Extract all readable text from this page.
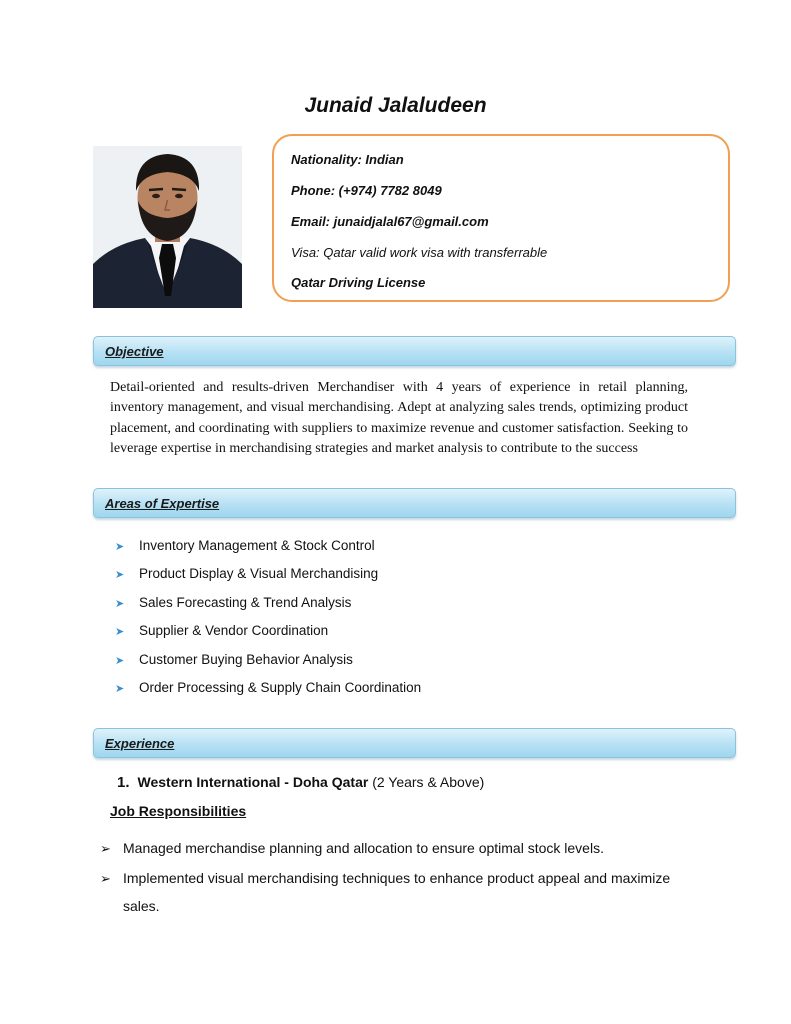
Junaid Jalaludeen
Nationality: Indian
Phone: (+974) 7782 8049
Email: junaidjalal67@gmail.com
Visa: Qatar valid work visa with transferrable
Qatar Driving License
Objective
Detail-oriented and results-driven Merchandiser with 4 years of experience in retail planning, inventory management, and visual merchandising. Adept at analyzing sales trends, optimizing product placement, and coordinating with suppliers to maximize revenue and customer satisfaction. Seeking to leverage expertise in merchandising strategies and market analysis to contribute to the success
Areas of Expertise
➤ Inventory Management & Stock Control
➤ Product Display & Visual Merchandising
➤ Sales Forecasting & Trend Analysis
➤ Supplier & Vendor Coordination
➤ Customer Buying Behavior Analysis
➤ Order Processing & Supply Chain Coordination
Experience
1. Western International - Doha Qatar (2 Years & Above)
Job Responsibilities
➢ Managed merchandise planning and allocation to ensure optimal stock levels.
➢ Implemented visual merchandising techniques to enhance product appeal and maximize sales.
